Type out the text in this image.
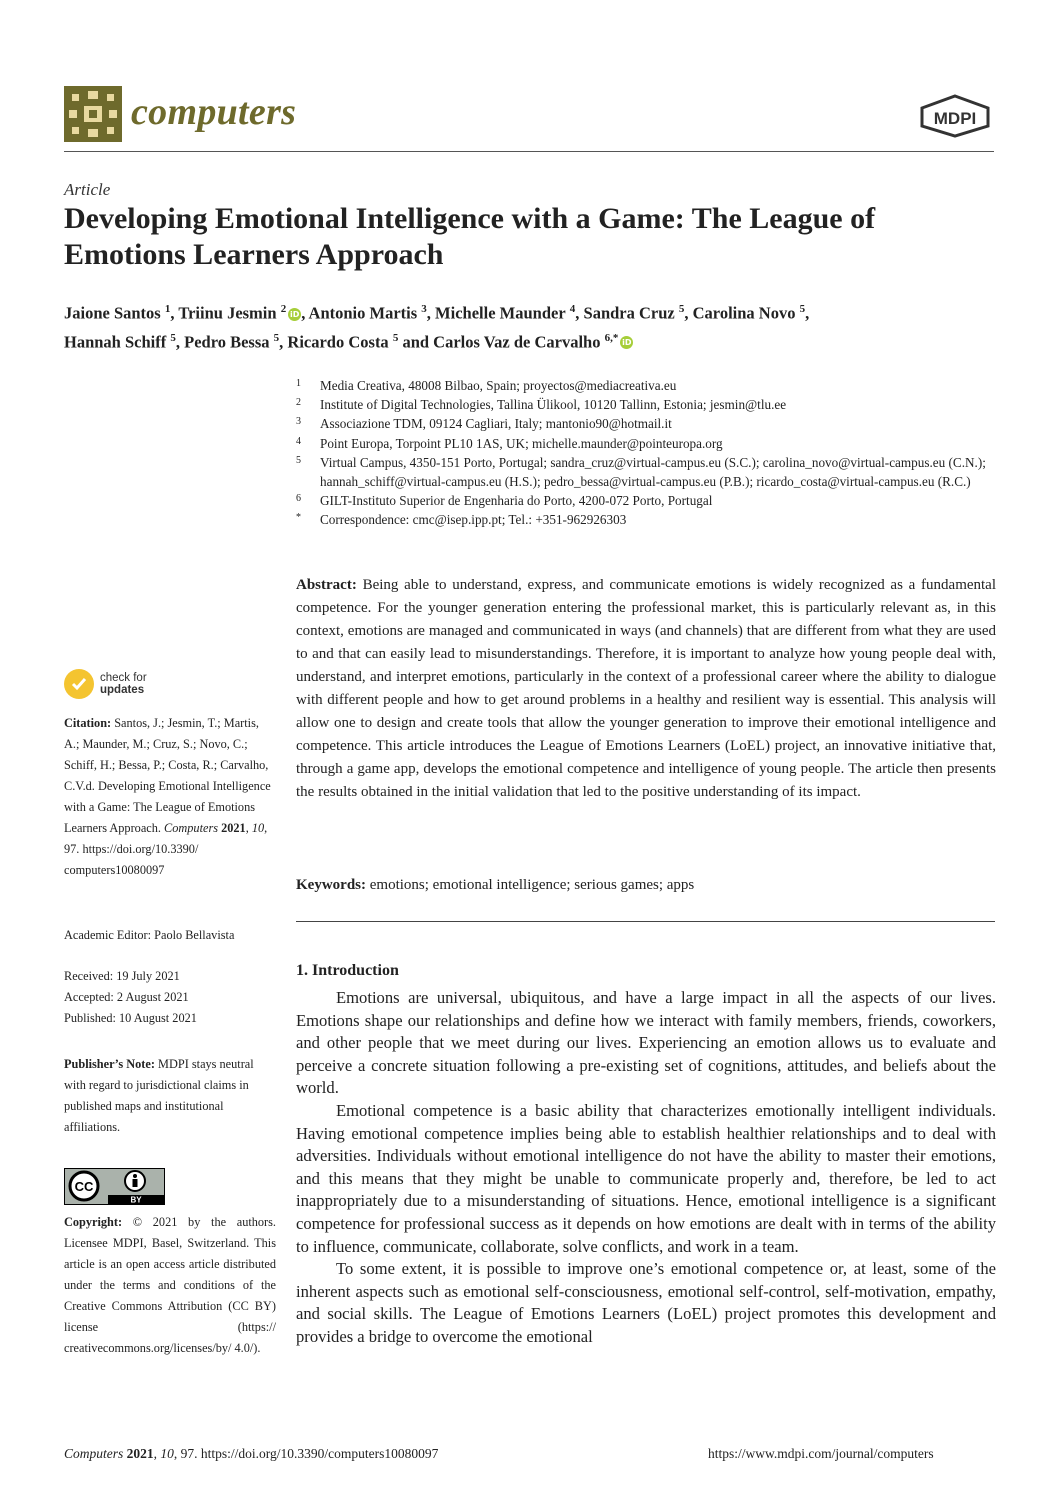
computers	MDPI
Article
Developing Emotional Intelligence with a Game: The League of Emotions Learners Approach
Jaione Santos $^1$, Triinu Jesmin $^2$ iD , Antonio Martis $^3$, Michelle Maunder $^4$, Sandra Cruz $^5$, Carolina Novo $^5$,
Hannah Schiff $^5$, Pedro Bessa $^5$, Ricardo Costa $^5$ and Carlos Vaz de Carvalho $^{6,*}$ iD
1	Media Creativa, 48008 Bilbao, Spain; proyectos@mediacreativa.eu
2	Institute of Digital Technologies, Tallina Ülikool, 10120 Tallinn, Estonia; jesmin@tlu.ee
3	Associazione TDM, 09124 Cagliari, Italy; mantonio90@hotmail.it
4	Point Europa, Torpoint PL10 1AS, UK; michelle.maunder@pointeuropa.org
5	Virtual Campus, 4350-151 Porto, Portugal; sandra_cruz@virtual-campus.eu (S.C.); carolina_novo@virtual-campus.eu (C.N.); hannah_schiff@virtual-campus.eu (H.S.); pedro_bessa@virtual-campus.eu (P.B.); ricardo_costa@virtual-campus.eu (R.C.)
6	GILT-Instituto Superior de Engenharia do Porto, 4200-072 Porto, Portugal
*	Correspondence: cmc@isep.ipp.pt; Tel.: +351-962926303
Abstract: Being able to understand, express, and communicate emotions is widely recognized as a fundamental competence. For the younger generation entering the professional market, this is particularly relevant as, in this context, emotions are managed and communicated in ways (and channels) that are different from what they are used to and that can easily lead to misunderstandings. Therefore, it is important to analyze how young people deal with, understand, and interpret emotions, particularly in the context of a professional career where the ability to dialogue with different people and how to get around problems in a healthy and resilient way is essential. This analysis will allow one to design and create tools that allow the younger generation to improve their emotional intelligence and competence. This article introduces the League of Emotions Learners (LoEL) project, an innovative initiative that, through a game app, develops the emotional competence and intelligence of young people. The article then presents the results obtained in the initial validation that led to the positive understanding of its impact.
Keywords: emotions; emotional intelligence; serious games; apps
1. Introduction

Emotions are universal, ubiquitous, and have a large impact in all the aspects of our lives. Emotions shape our relationships and define how we interact with family members, friends, coworkers, and other people that we meet during our lives. Experiencing an emotion allows us to evaluate and perceive a concrete situation following a pre-existing set of cognitions, attitudes, and beliefs about the world.

Emotional competence is a basic ability that characterizes emotionally intelligent individuals. Having emotional competence implies being able to establish healthier relationships and to deal with adversities. Individuals without emotional intelligence do not have the ability to master their emotions, and this means that they might be unable to communicate properly and, therefore, be led to act inappropriately due to a misunderstanding of situations. Hence, emotional intelligence is a significant competence for professional success as it depends on how emotions are dealt with in terms of the ability to influence, communicate, collaborate, solve conflicts, and work in a team.

To some extent, it is possible to improve one’s emotional competence or, at least, some of the inherent aspects such as emotional self-consciousness, emotional self-control, self-motivation, empathy, and social skills. The League of Emotions Learners (LoEL) project promotes this development and provides a bridge to overcome the emotional

check for
updates
Citation: Santos, J.; Jesmin, T.; Martis, A.; Maunder, M.; Cruz, S.; Novo, C.; Schiff, H.; Bessa, P.; Costa, R.; Carvalho, C.V.d. Developing Emotional Intelligence with a Game: The League of Emotions Learners Approach. Computers 2021, 10, 97. https://doi.org/10.3390/ computers10080097
Academic Editor: Paolo Bellavista
Received: 19 July 2021
Accepted: 2 August 2021
Published: 10 August 2021
Publisher’s Note: MDPI stays neutral with regard to jurisdictional claims in published maps and institutional affiliations.
CC
BY
Copyright: © 2021 by the authors. Licensee MDPI, Basel, Switzerland. This article is an open access article distributed under the terms and conditions of the Creative Commons Attribution (CC BY) license (https:// creativecommons.org/licenses/by/ 4.0/).
Computers 2021, 10, 97. https://doi.org/10.3390/computers10080097	https://www.mdpi.com/journal/computers
